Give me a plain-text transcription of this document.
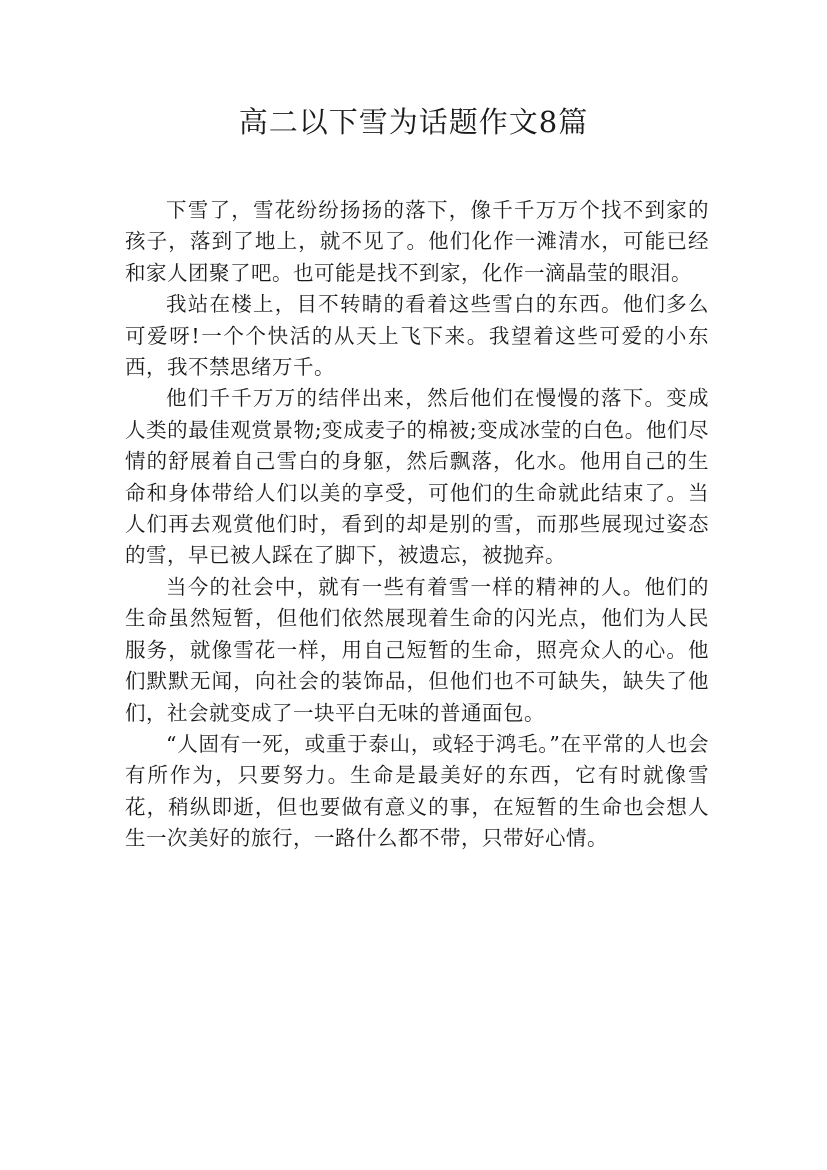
高二以下雪为话题作文8篇

下雪了，雪花纷纷扬扬的落下，像千千万万个找不到家的孩子，落到了地上，就不见了。他们化作一滩清水，可能已经和家人团聚了吧。也可能是找不到家，化作一滴晶莹的眼泪。

我站在楼上，目不转睛的看着这些雪白的东西。他们多么可爱呀!一个个快活的从天上飞下来。我望着这些可爱的小东西，我不禁思绪万千。

他们千千万万的结伴出来，然后他们在慢慢的落下。变成人类的最佳观赏景物;变成麦子的棉被;变成冰莹的白色。他们尽情的舒展着自己雪白的身躯，然后飘落，化水。他用自己的生命和身体带给人们以美的享受，可他们的生命就此结束了。当人们再去观赏他们时，看到的却是别的雪，而那些展现过姿态的雪，早已被人踩在了脚下，被遗忘，被抛弃。

当今的社会中，就有一些有着雪一样的精神的人。他们的生命虽然短暂，但他们依然展现着生命的闪光点，他们为人民服务，就像雪花一样，用自己短暂的生命，照亮众人的心。他们默默无闻，向社会的装饰品，但他们也不可缺失，缺失了他们，社会就变成了一块平白无味的普通面包。

“人固有一死，或重于泰山，或轻于鸿毛。”在平常的人也会有所作为，只要努力。生命是最美好的东西，它有时就像雪花，稍纵即逝，但也要做有意义的事，在短暂的生命也会想人生一次美好的旅行，一路什么都不带，只带好心情。
